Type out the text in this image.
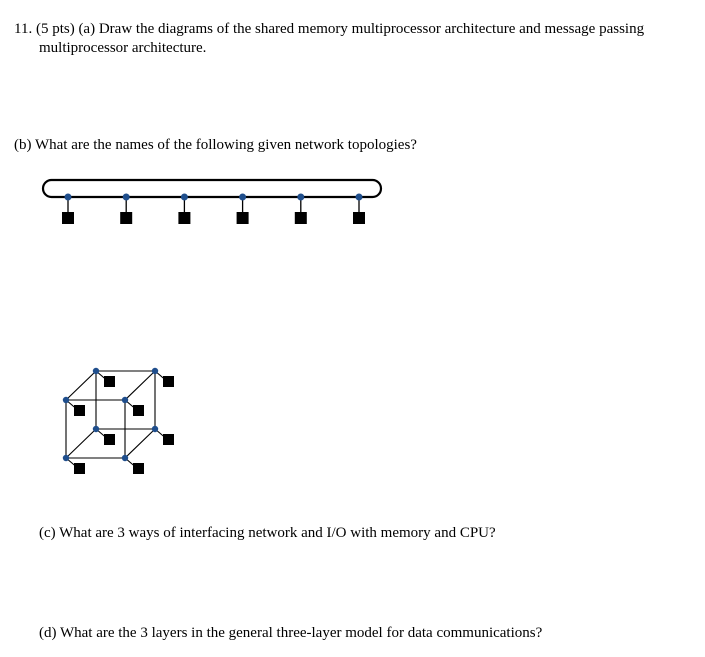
11. (5 pts) (a) Draw the diagrams of the shared memory multiprocessor architecture and message passing
multiprocessor architecture.
(b) What are the names of the following given network topologies?
(c) What are 3 ways of interfacing network and I/O with memory and CPU?
(d) What are the 3 layers in the general three-layer model for data communications?
